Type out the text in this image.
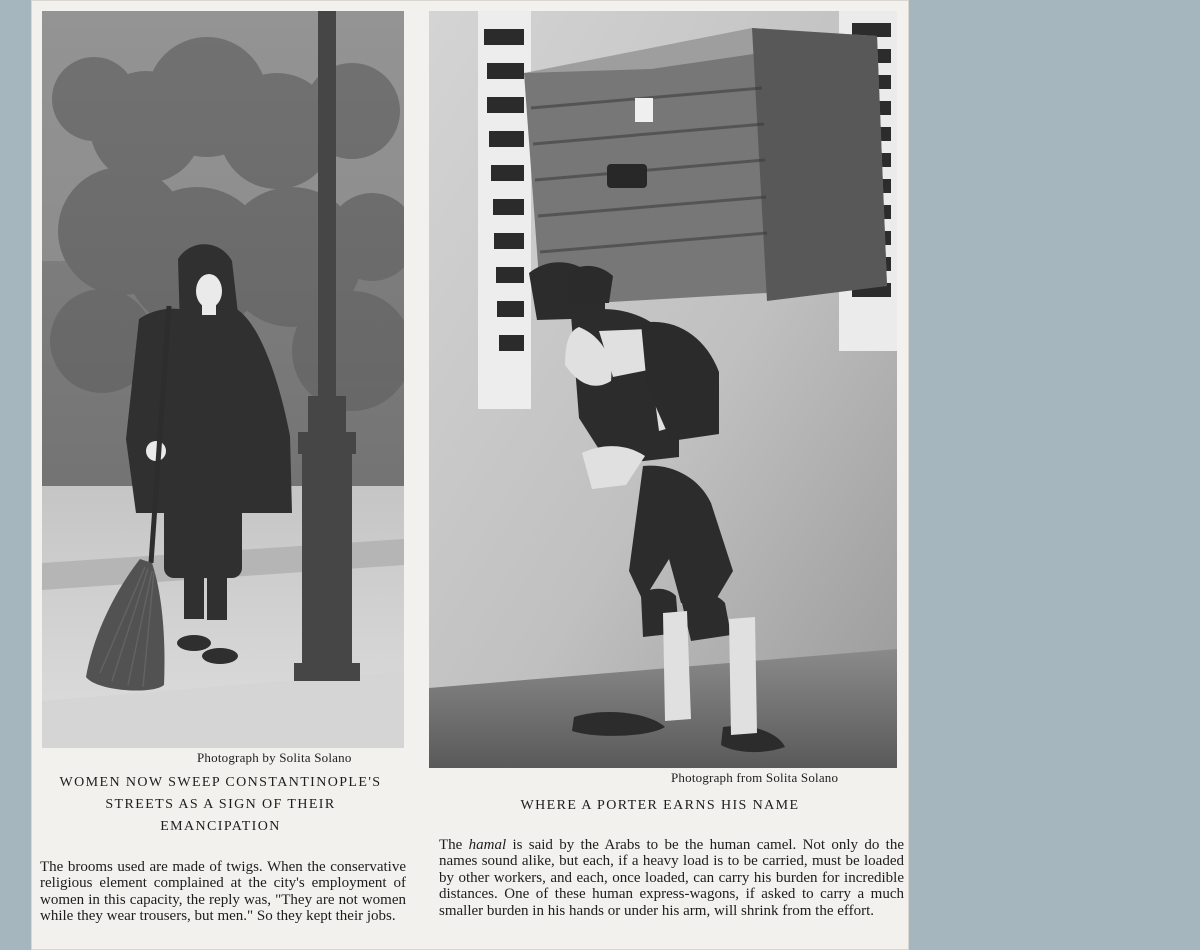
Photograph by Solita Solano
WOMEN NOW SWEEP CONSTANTINOPLE'S
STREETS AS A SIGN OF THEIR
EMANCIPATION

The brooms used are made of twigs. When the conservative religious element complained at the city's employment of women in this capacity, the reply was, "They are not women while they wear trousers, but men." So they kept their jobs.

Photograph from Solita Solano
WHERE A PORTER EARNS HIS NAME

The hamal is said by the Arabs to be the human camel. Not only do the names sound alike, but each, if a heavy load is to be carried, must be loaded by other workers, and each, once loaded, can carry his burden for incredible distances. One of these human express-wagons, if asked to carry a much smaller burden in his hands or under his arm, will shrink from the effort.
